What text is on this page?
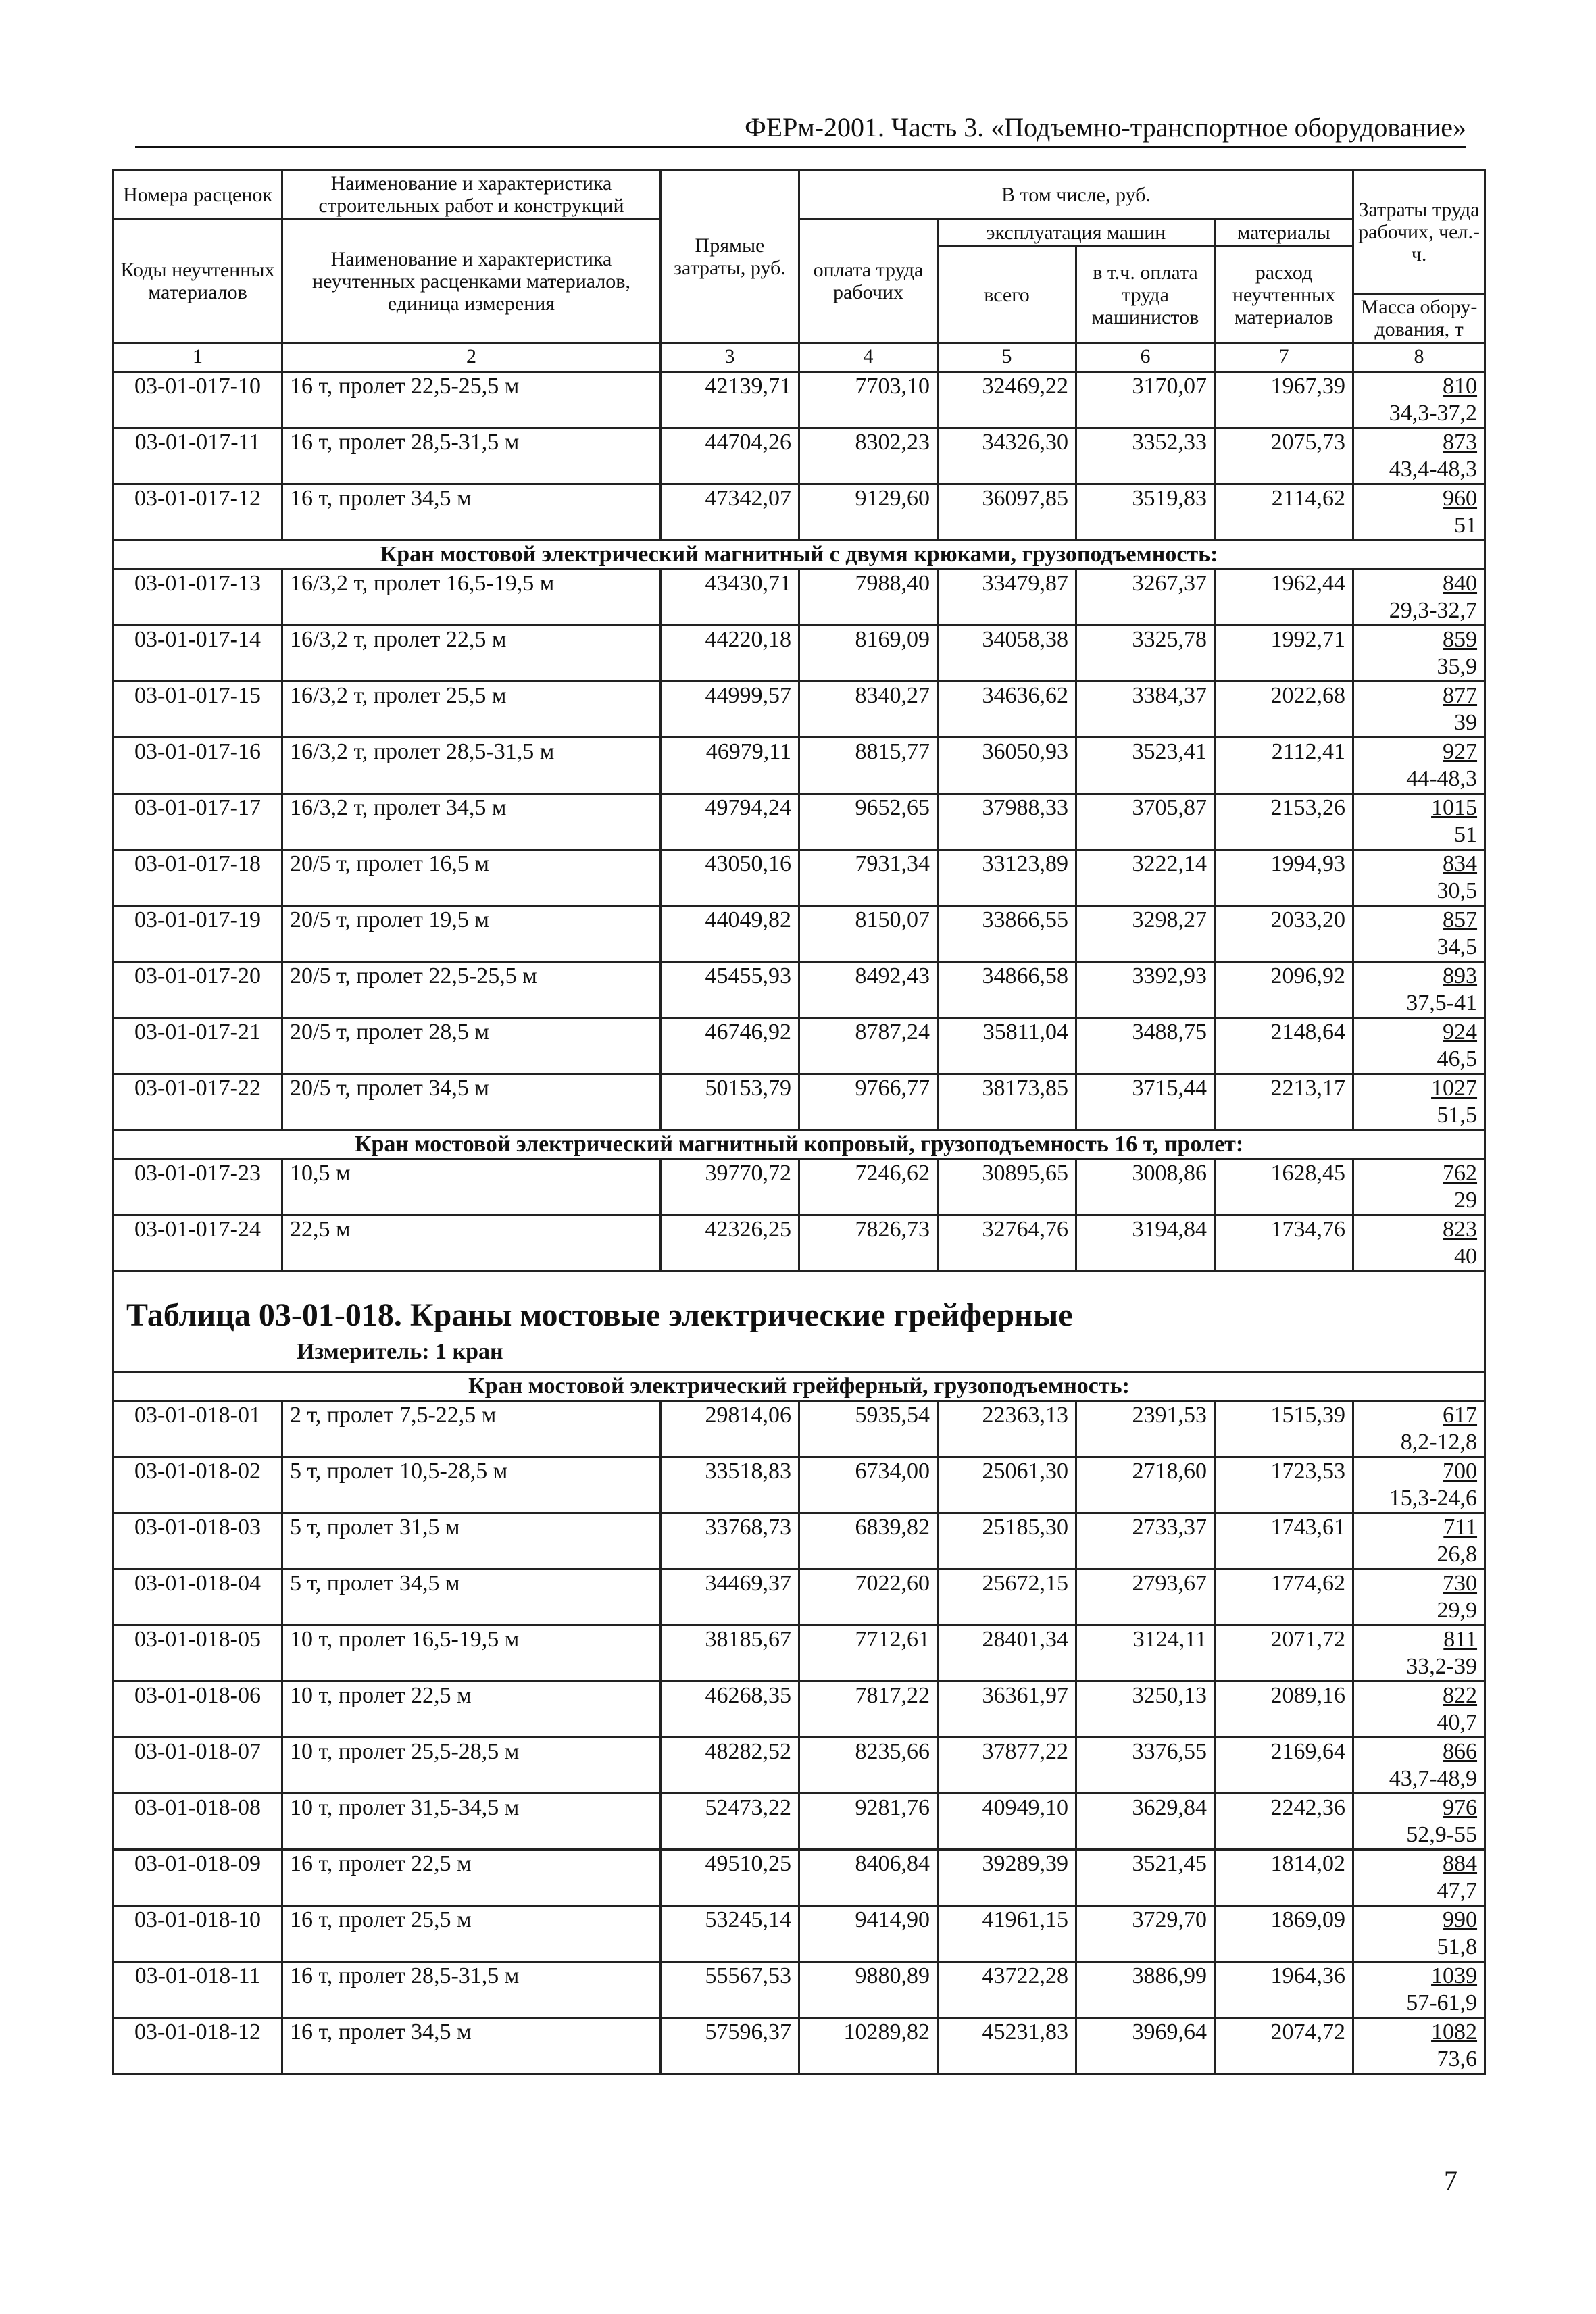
ФЕРм-2001. Часть 3. «Подъемно-транспортное оборудование»
Номера расценок	Наименование и характеристика строительных работ и конструкций	Прямые затраты, руб.	В том числе, руб.				Затраты труда рабочих, чел.-ч.
Коды неучтенных материалов	Наименование и характеристика неучтенных расценками материалов, единица измерения		оплата труда рабочих	эксплуатация машин		материалы	
				всего	в т.ч. оплата труда машинистов	расход неучтенных материалов	
							Масса обору-дования, т
1	2	3	4	5	6	7	8
03-01-017-10	16 т, пролет 22,5-25,5 м	42139,71	7703,10	32469,22	3170,07	1967,39	810
34,3-37,2

03-01-017-11	16 т, пролет 28,5-31,5 м	44704,26	8302,23	34326,30	3352,33	2075,73	873
43,4-48,3

03-01-017-12	16 т, пролет 34,5 м	47342,07	9129,60	36097,85	3519,83	2114,62	960
51

Кран мостовой электрический магнитный с двумя крюками, грузоподъемность:							
03-01-017-13	16/3,2 т, пролет 16,5-19,5 м	43430,71	7988,40	33479,87	3267,37	1962,44	840
29,3-32,7

03-01-017-14	16/3,2 т, пролет 22,5 м	44220,18	8169,09	34058,38	3325,78	1992,71	859
35,9

03-01-017-15	16/3,2 т, пролет 25,5 м	44999,57	8340,27	34636,62	3384,37	2022,68	877
39

03-01-017-16	16/3,2 т, пролет 28,5-31,5 м	46979,11	8815,77	36050,93	3523,41	2112,41	927
44-48,3

03-01-017-17	16/3,2 т, пролет 34,5 м	49794,24	9652,65	37988,33	3705,87	2153,26	1015
51

03-01-017-18	20/5 т, пролет 16,5 м	43050,16	7931,34	33123,89	3222,14	1994,93	834
30,5

03-01-017-19	20/5 т, пролет 19,5 м	44049,82	8150,07	33866,55	3298,27	2033,20	857
34,5

03-01-017-20	20/5 т, пролет 22,5-25,5 м	45455,93	8492,43	34866,58	3392,93	2096,92	893
37,5-41

03-01-017-21	20/5 т, пролет 28,5 м	46746,92	8787,24	35811,04	3488,75	2148,64	924
46,5

03-01-017-22	20/5 т, пролет 34,5 м	50153,79	9766,77	38173,85	3715,44	2213,17	1027
51,5

Кран мостовой электрический магнитный копровый, грузоподъемность 16 т, пролет:							
03-01-017-23	10,5 м	39770,72	7246,62	30895,65	3008,86	1628,45	762
29

03-01-017-24	22,5 м	42326,25	7826,73	32764,76	3194,84	1734,76	823
40

Таблица 03-01-018. Краны мостовые электрические грейферные
Измеритель: 1 кран							

Кран мостовой электрический грейферный, грузоподъемность:							
03-01-018-01	2 т, пролет 7,5-22,5 м	29814,06	5935,54	22363,13	2391,53	1515,39	617
8,2-12,8

03-01-018-02	5 т, пролет 10,5-28,5 м	33518,83	6734,00	25061,30	2718,60	1723,53	700
15,3-24,6

03-01-018-03	5 т, пролет 31,5 м	33768,73	6839,82	25185,30	2733,37	1743,61	711
26,8

03-01-018-04	5 т, пролет 34,5 м	34469,37	7022,60	25672,15	2793,67	1774,62	730
29,9

03-01-018-05	10 т, пролет 16,5-19,5 м	38185,67	7712,61	28401,34	3124,11	2071,72	811
33,2-39

03-01-018-06	10 т, пролет 22,5 м	46268,35	7817,22	36361,97	3250,13	2089,16	822
40,7

03-01-018-07	10 т, пролет 25,5-28,5 м	48282,52	8235,66	37877,22	3376,55	2169,64	866
43,7-48,9

03-01-018-08	10 т, пролет 31,5-34,5 м	52473,22	9281,76	40949,10	3629,84	2242,36	976
52,9-55

03-01-018-09	16 т, пролет 22,5 м	49510,25	8406,84	39289,39	3521,45	1814,02	884
47,7

03-01-018-10	16 т, пролет 25,5 м	53245,14	9414,90	41961,15	3729,70	1869,09	990
51,8

03-01-018-11	16 т, пролет 28,5-31,5 м	55567,53	9880,89	43722,28	3886,99	1964,36	1039
57-61,9

03-01-018-12	16 т, пролет 34,5 м	57596,37	10289,82	45231,83	3969,64	2074,72	1082
73,6
7
